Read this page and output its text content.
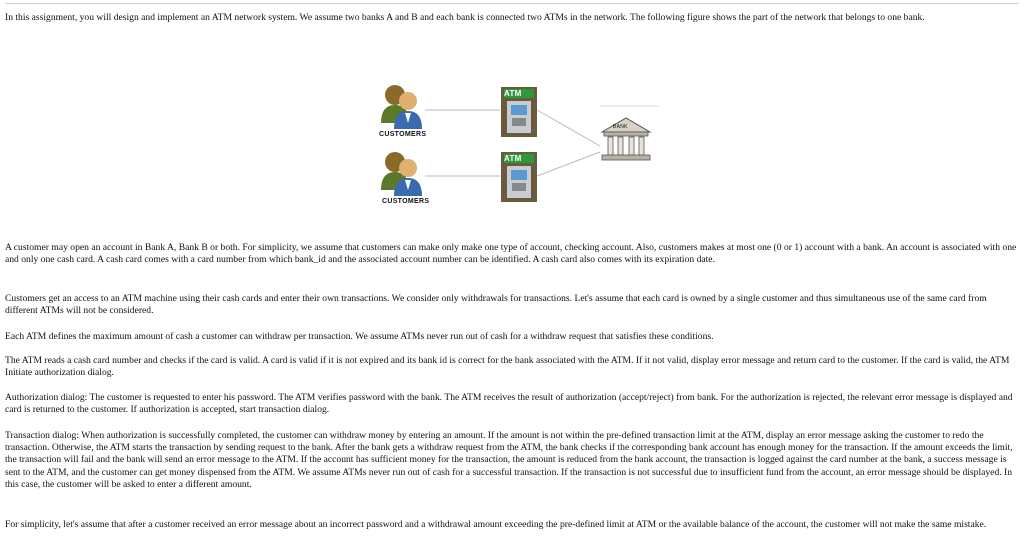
In this assignment, you will design and implement an ATM network system. We assume two banks A and B and each bank is connected two ATMs in the network. The following figure shows the part of the network that belongs to one bank.

CUSTOMERS
CUSTOMERS
ATM
ATM
BANK

A customer may open an account in Bank A, Bank B or both. For simplicity, we assume that customers can make only make one type of account, checking account. Also, customers makes at most one (0 or 1) account with a bank. An account is associated with one and only one cash card. A cash card comes with a card number from which bank_id and the associated account number can be identified. A cash card also comes with its expiration date.

Customers get an access to an ATM machine using their cash cards and enter their own transactions. We consider only withdrawals for transactions. Let's assume that each card is owned by a single customer and thus simultaneous use of the same card from different ATMs will not be considered.

Each ATM defines the maximum amount of cash a customer can withdraw per transaction. We assume ATMs never run out of cash for a withdraw request that satisfies these conditions.

The ATM reads a cash card number and checks if the card is valid. A card is valid if it is not expired and its bank id is correct for the bank associated with the ATM. If it not valid, display error message and return card to the customer. If the card is valid, the ATM Initiate authorization dialog.

Authorization dialog: The customer is requested to enter his password. The ATM verifies password with the bank. The ATM receives the result of authorization (accept/reject) from bank. For the authorization is rejected, the relevant error message is displayed and card is returned to the customer. If authorization is accepted, start transaction dialog.

Transaction dialog: When authorization is successfully completed, the customer can withdraw money by entering an amount. If the amount is not within the pre-defined transaction limit at the ATM, display an error message asking the customer to redo the transaction. Otherwise, the ATM starts the transaction by sending request to the bank. After the bank gets a withdraw request from the ATM, the bank checks if the corresponding bank account has enough money for the transaction. If the amount exceeds the limit, the transaction will fail and the bank will send an error message to the ATM. If the account has sufficient money for the transaction, the amount is reduced from the bank account, the transaction is logged against the card number at the bank, a success message is sent to the ATM, and the customer can get money dispensed from the ATM. We assume ATMs never run out of cash for a successful transaction. If the transaction is not successful due to insufficient fund from the account, an error message should be displayed. In this case, the customer will be asked to enter a different amount.

For simplicity, let's assume that after a customer received an error message about an incorrect password and a withdrawal amount exceeding the pre-defined limit at ATM or the available balance of the account, the customer will not make the same mistake.
